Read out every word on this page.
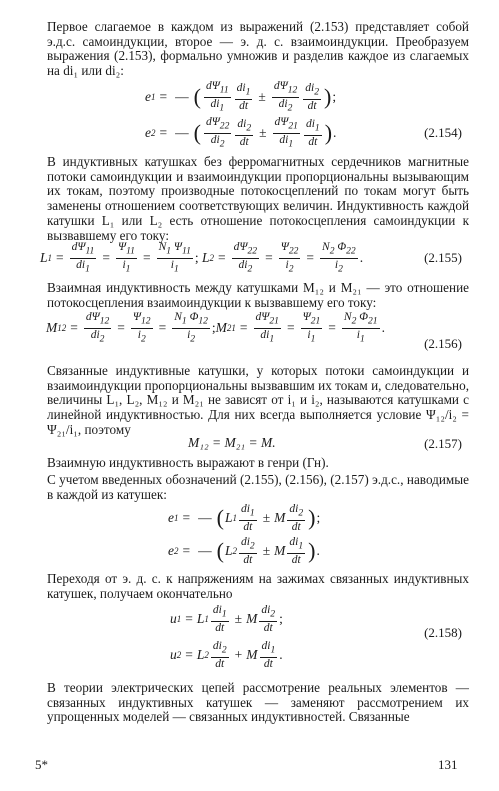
Первое слагаемое в каждом из выражений (2.153) представляет собой э.д.с. самоиндукции, второе — э. д. с. взаимоиндукции. Преобразуем выражения (2.153), формально умножив и разделив каждое из слагаемых на di₁ или di₂:

e 1 = — ( $\frac{d\Psi_{11}}{di_1} \frac{di_1}{dt} \pm \frac{d\Psi_{12}}{di_2} \frac{di_2}{dt}$ ) ;
e 2 = — ( $\frac{d\Psi_{22}}{di_2} \frac{di_2}{dt} \pm \frac{d\Psi_{21}}{di_1} \frac{di_1}{dt}$ ) .	(2.154)

В индуктивных катушках без ферромагнитных сердечников магнитные потоки самоиндукции и взаимоиндукции пропорциональны вызывающим их токам, поэтому производные потокосцеплений по токам могут быть заменены отношением соответствующих величин. Индуктивность каждой катушки L₁ или L₂ есть отношение потокосцепления самоиндукции к вызвавшему его току:

L $1 = \frac{d\Psi_{11}}{di_1} = \frac{\Psi_{11}}{i_1} = \frac{N_1 \Psi_{11}}{i_1}$ ;
L $2 = \frac{d\Psi_{22}}{di_2} = \frac{\Psi_{22}}{i_2} = \frac{N_2 \Phi_{22}}{i_2}$ .	(2.155)

Взаимная индуктивность между катушками M₁₂ и M₂₁ — это отношение потокосцепления взаимоиндукции к вызвавшему его току:

M $12 = \frac{d\Psi_{12}}{di_2} = \frac{\Psi_{12}}{i_2} = \frac{N_1 \Phi_{12}}{i_2}$ ; M $21 = \frac{d\Psi_{21}}{di_1} = \frac{\Psi_{21}}{i_1} = \frac{N_2 \Phi_{21}}{i_1}$ .
(2.156)

Связанные индуктивные катушки, у которых потоки самоиндукции и взаимоиндукции пропорциональны вызвавшим их токам и, следовательно, величины L₁, L₂, M₁₂ и M₂₁ не зависят от i₁ и i₂, называются катушками с линейной индуктивностью. Для них всегда выполняется условие Ψ₁₂/i₂ = Ψ₂₁/i₁, поэтому

M₁₂ = M₂₁ = M.	(2.157)

Взаимную индуктивность выражают в генри (Гн).

С учетом введенных обозначений (2.155), (2.156), (2.157) э.д.с., наводимые в каждой из катушек:

e 1 = — ( L $1 \frac{di_1}{dt} \pm M \frac{di_2}{dt}$ ) ;
e 2 = — ( L $2 \frac{di_2}{dt} \pm M \frac{di_1}{dt}$ ) .

Переходя от э. д. с. к напряжениям на зажимах связанных индуктивных катушек, получаем окончательно

u 1 = L $1 \frac{di_1}{dt} \pm M \frac{di_2}{dt}$ ;
(2.158)
u 2 = L $2 \frac{di_2}{dt} + M \frac{di_1}{dt}$ .

В теории электрических цепей рассмотрение реальных элементов — связанных индуктивных катушек — заменяют рассмотрением их упрощенных моделей — связанных индуктивностей. Связанные

5*	131
